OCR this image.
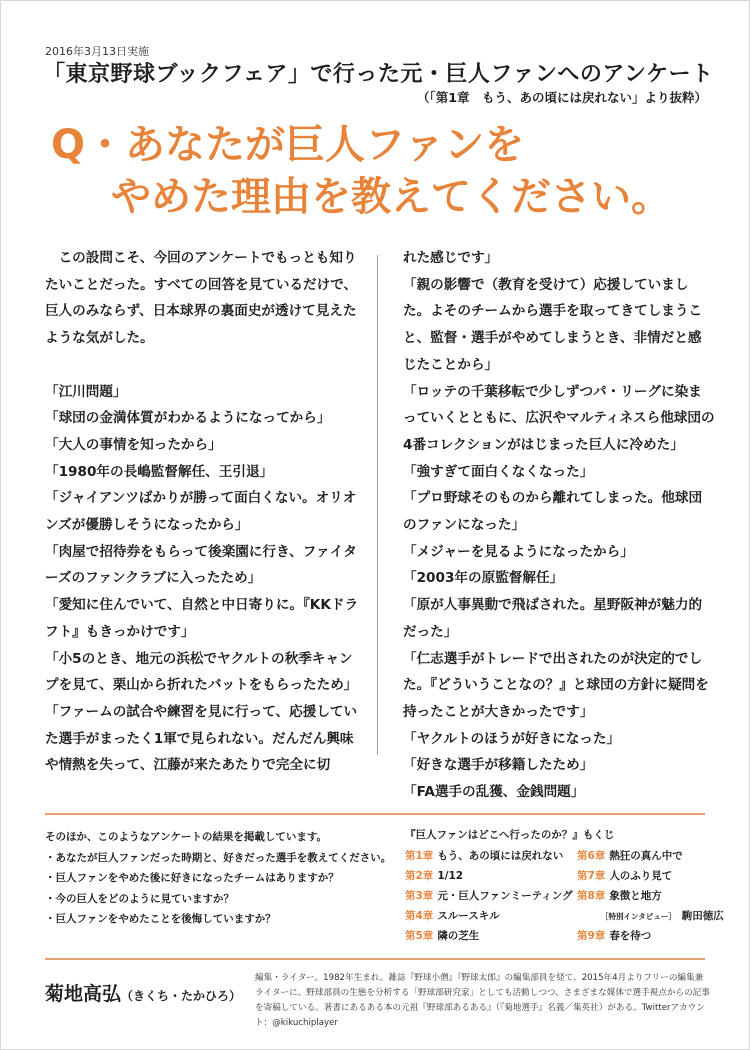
2016年3月13日実施
「東京野球ブックフェア」で行った元・巨人ファンへのアンケート
（「第1章　もう、あの頃には戻れない」より抜粋）
Q・あなたが巨人ファンを
やめた理由を教えてください。

この設問こそ、今回のアンケートでもっとも知りたいことだった。すべての回答を見ているだけで、巨人のみならず、日本球界の裏面史が透けて見えたような気がした。

「江川問題」

「球団の金満体質がわかるようになってから」

「大人の事情を知ったから」

「1980年の長嶋監督解任、王引退」

「ジャイアンツばかりが勝って面白くない。オリオンズが優勝しそうになったから」

「肉屋で招待券をもらって後楽園に行き、ファイターズのファンクラブに入ったため」

「愛知に住んでいて、自然と中日寄りに。『KKドラフト』もきっかけです」

「小5のとき、地元の浜松でヤクルトの秋季キャンプを見て、栗山から折れたバットをもらったため」

「ファームの試合や練習を見に行って、応援していた選手がまったく1軍で見られない。だんだん興味や情熱を失って、江藤が来たあたりで完全に切

れた感じです」

「親の影響で（教育を受けて）応援していました。よそのチームから選手を取ってきてしまうこと、監督・選手がやめてしまうとき、非情だと感じたことから」

「ロッテの千葉移転で少しずつパ・リーグに染まっていくとともに、広沢やマルティネスら他球団の4番コレクションがはじまった巨人に冷めた」

「強すぎて面白くなくなった」

「プロ野球そのものから離れてしまった。他球団のファンになった」

「メジャーを見るようになったから」

「2003年の原監督解任」

「原が人事異動で飛ばされた。星野阪神が魅力的だった」

「仁志選手がトレードで出されたのが決定的でした。『どういうことなの？』と球団の方針に疑問を持ったことが大きかったです」

「ヤクルトのほうが好きになった」

「好きな選手が移籍したため」

「FA選手の乱獲、金銭問題」

そのほか、このようなアンケートの結果を掲載しています。

・あなたが巨人ファンだった時期と、好きだった選手を教えてください。

・巨人ファンをやめた後に好きになったチームはありますか？

・今の巨人をどのように見ていますか？

・巨人ファンをやめたことを後悔していますか？

『巨人ファンはどこへ行ったのか？』もくじ
第1章 もう、あの頃には戻れない
第2章 1/12
第3章 元・巨人ファンミーティング
第4章 スルースキル
第5章 隣の芝生
第6章 熱狂の真ん中で
第7章 人のふり見て
第8章 象徴と地方
［特別インタビュー］ 駒田徳広
第9章 春を待つ
菊地高弘（きくち・たかひろ）

編集・ライター。1982年生まれ。雑誌『野球小僧』『野球太郎』の編集部員を経て、2015年4月よりフリーの編集兼ライターに。野球部員の生態を分析する「野球部研究家」としても活動しつつ、さまざまな媒体で選手視点からの記事を寄稿している。著書にあるある本の元祖『野球部あるある』（『菊地選手』名義／集英社）がある。Twitterアカウント：@kikuchiplayer
